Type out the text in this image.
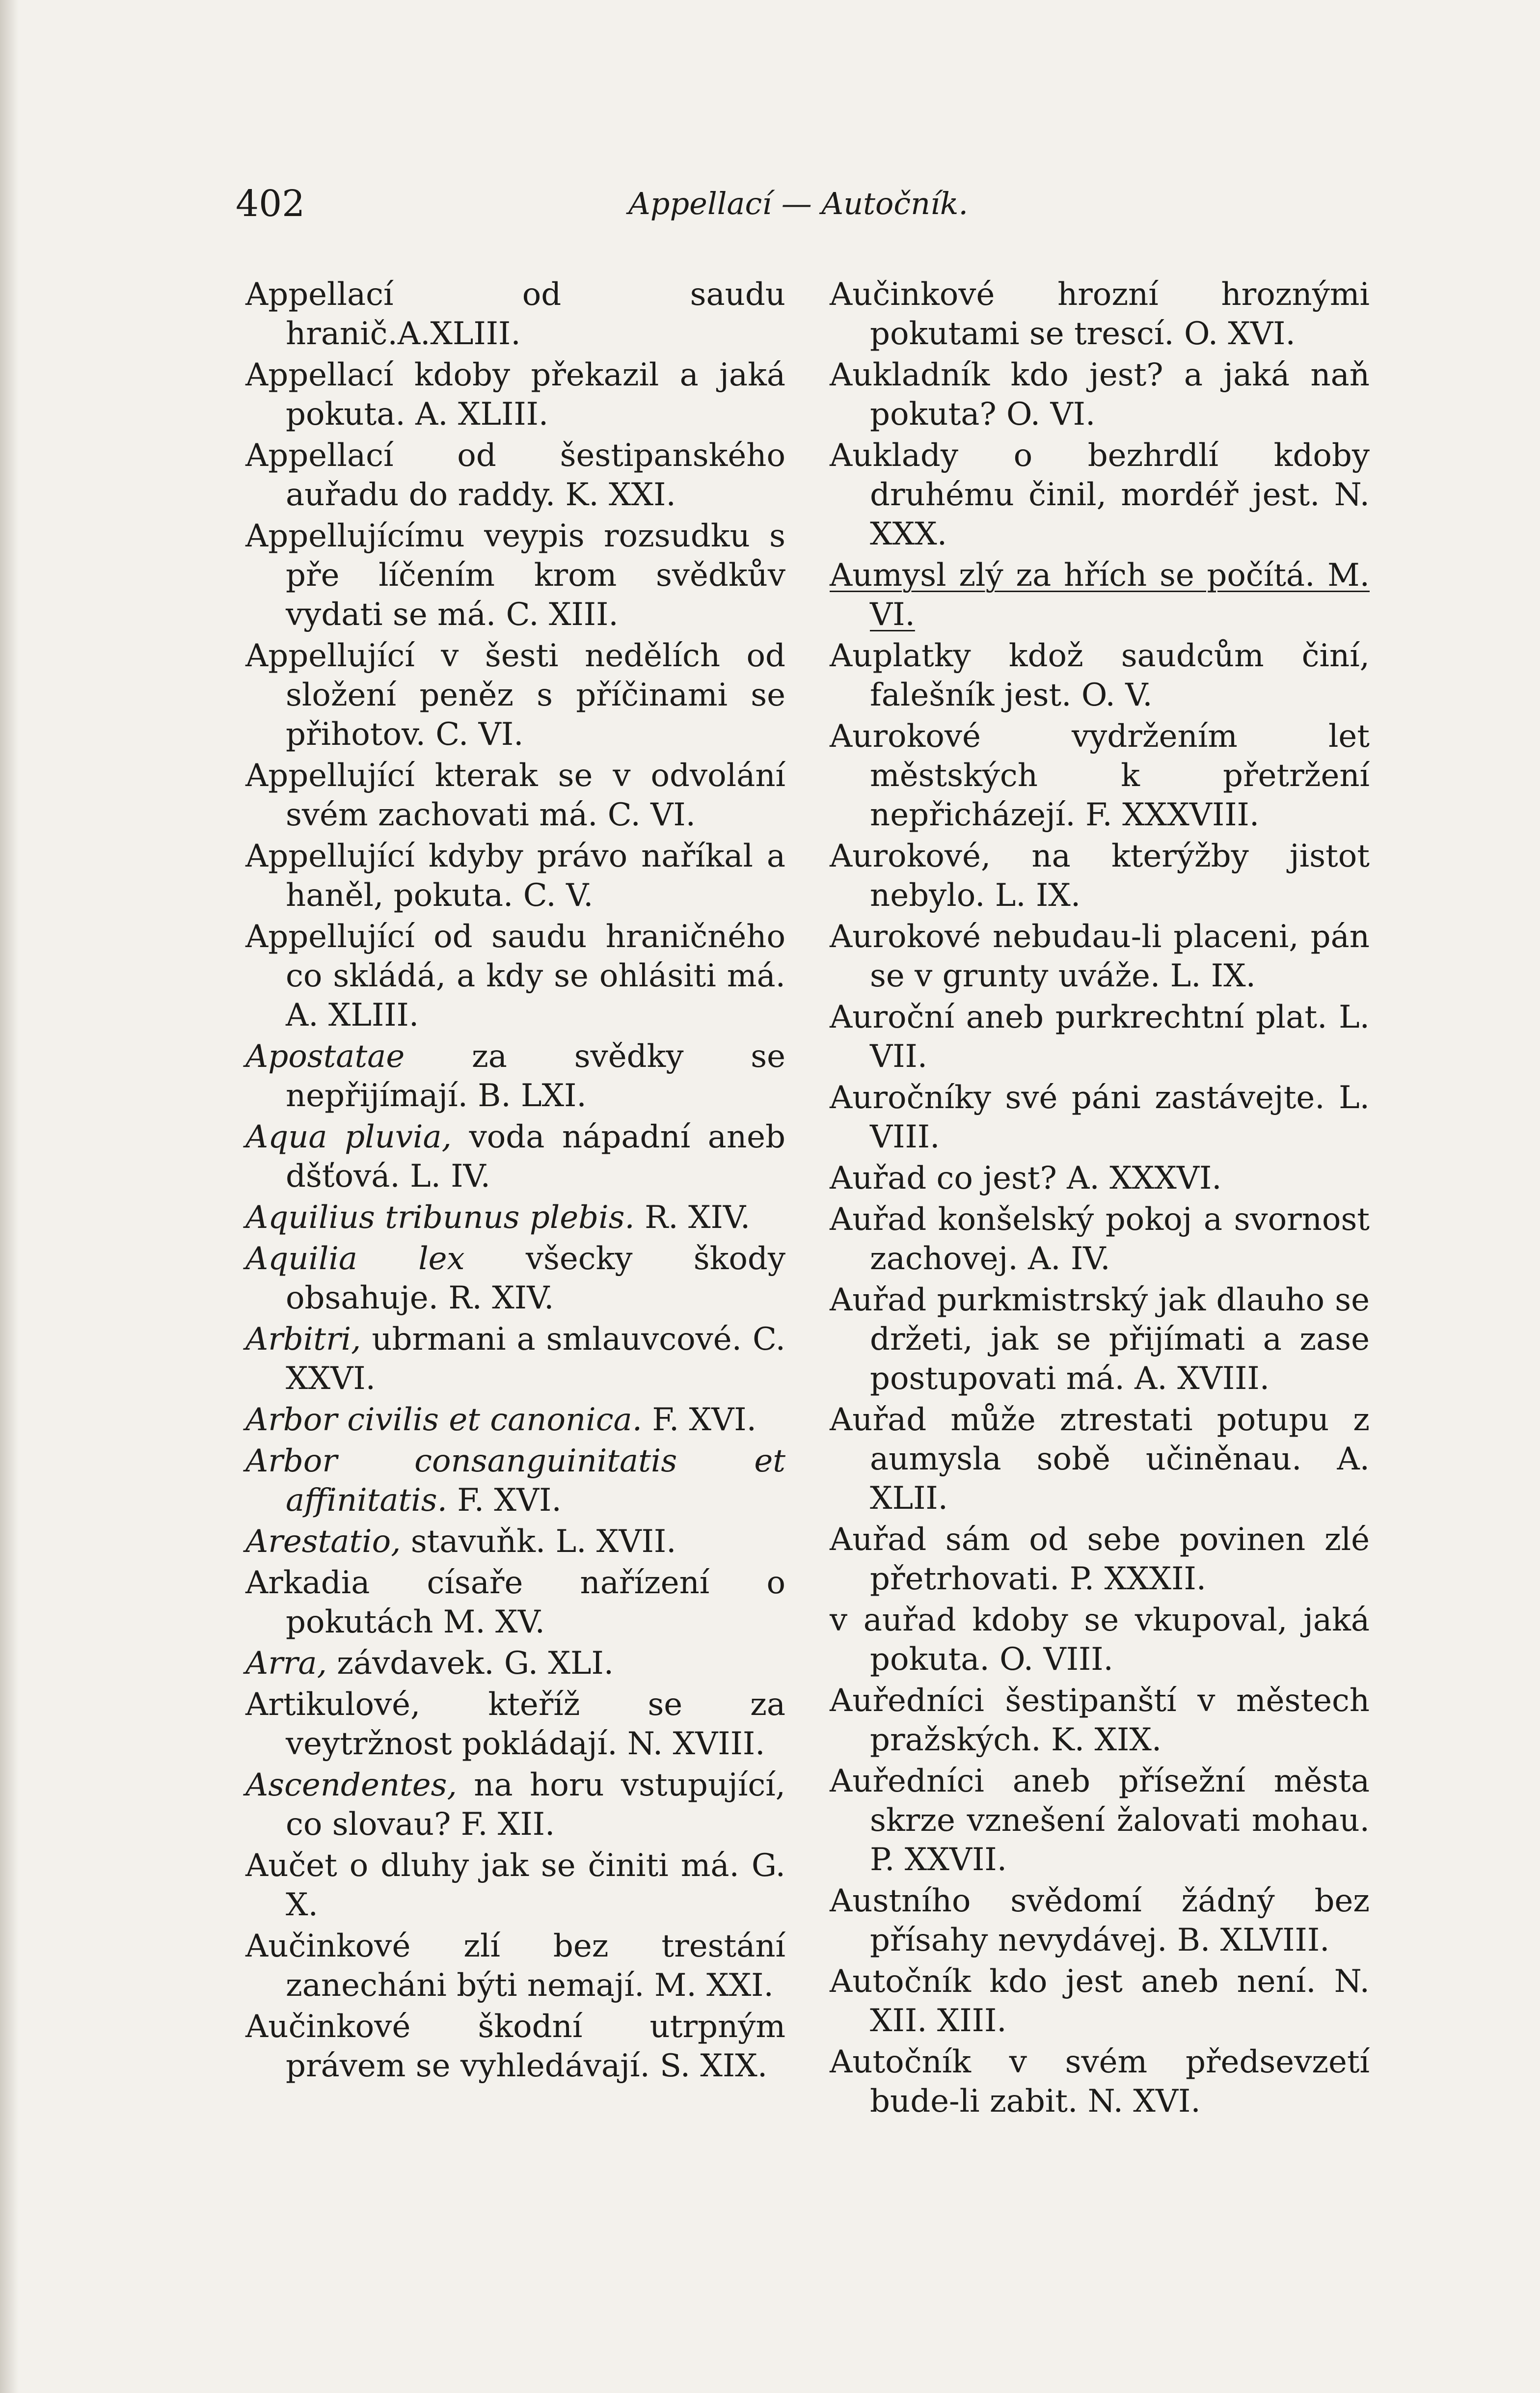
402	Appellací — Autočník.

Appellací od saudu hranič.A.XLIII.

Appellací kdoby překazil a jaká pokuta. A. XLIII.

Appellací od šestipanského auřadu do raddy. K. XXI.

Appellujícímu veypis rozsudku s pře líčením krom svědkův vydati se má. C. XIII.

Appellující v šesti nedělích od složení peněz s příčinami se přihotov. C. VI.

Appellující kterak se v odvolání svém zachovati má. C. VI.

Appellující kdyby právo naříkal a haněl, pokuta. C. V.

Appellující od saudu hraničného co skládá, a kdy se ohlásiti má. A. XLIII.

Apostatae za svědky se nepřijímají. B. LXI.

Aqua pluvia, voda nápadní aneb dšťová. L. IV.

Aquilius tribunus plebis. R. XIV.

Aquilia lex všecky škody obsahuje. R. XIV.

Arbitri, ubrmani a smlauvcové. C. XXVI.

Arbor civilis et canonica. F. XVI.

Arbor consanguinitatis et affinitatis. F. XVI.

Arestatio, stavuňk. L. XVII.

Arkadia císaře nařízení o pokutách M. XV.

Arra, závdavek. G. XLI.

Artikulové, kteříž se za veytržnost pokládají. N. XVIII.

Ascendentes, na horu vstupující, co slovau? F. XII.

Aučet o dluhy jak se činiti má. G. X.

Aučinkové zlí bez trestání zanecháni býti nemají. M. XXI.

Aučinkové škodní utrpným právem se vyhledávají. S. XIX.

Aučinkové hrozní hroznými pokutami se trescí. O. XVI.

Aukladník kdo jest? a jaká naň pokuta? O. VI.

Auklady o bezhrdlí kdoby druhému činil, mordéř jest. N. XXX.

Aumysl zlý za hřích se počítá. M. VI.

Auplatky kdož saudcům činí, falešník jest. O. V.

Aurokové vydržením let městských k přetržení nepřicházejí. F. XXXVIII.

Aurokové, na kterýžby jistot nebylo. L. IX.

Aurokové nebudau-li placeni, pán se v grunty uváže. L. IX.

Auroční aneb purkrechtní plat. L. VII.

Auročníky své páni zastávejte. L. VIII.

Auřad co jest? A. XXXVI.

Auřad konšelský pokoj a svornost zachovej. A. IV.

Auřad purkmistrský jak dlauho se držeti, jak se přijímati a zase postupovati má. A. XVIII.

Auřad může ztrestati potupu z aumysla sobě učiněnau. A. XLII.

Auřad sám od sebe povinen zlé přetrhovati. P. XXXII.

v auřad kdoby se vkupoval, jaká pokuta. O. VIII.

Auředníci šestipanští v městech pražských. K. XIX.

Auředníci aneb přísežní města skrze vznešení žalovati mohau. P. XXVII.

Austního svědomí žádný bez přísahy nevydávej. B. XLVIII.

Autočník kdo jest aneb není. N. XII. XIII.

Autočník v svém předsevzetí bude-li zabit. N. XVI.
